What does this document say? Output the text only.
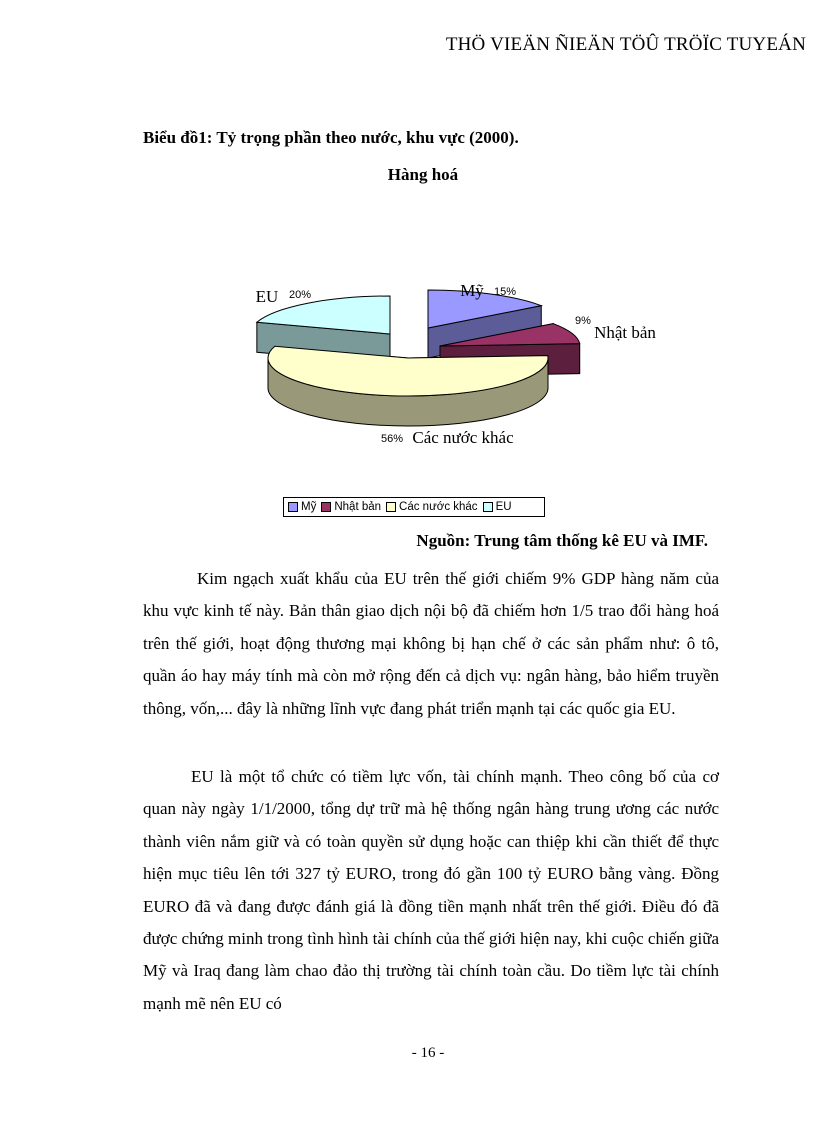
THÖ VIEÄN ÑIEÄN TÖÛ TRÖÏC TUYEÁN
Biểu đồ1: Tỷ trọng phần theo nước, khu vực (2000).
Hàng hoá
15%
Mỹ
9%
Nhật bản
56% Các nước khác
20%
EU
Mỹ Nhật bản Các nước khác EU
Nguồn: Trung tâm thống kê EU và IMF.

Kim ngạch xuất khẩu của EU trên thế giới chiếm 9% GDP hàng năm của khu vực kinh tế này. Bản thân giao dịch nội bộ đã chiếm hơn 1/5 trao đổi hàng hoá trên thế giới, hoạt động thương mại không bị hạn chế ở các sản phẩm như: ô tô, quần áo hay máy tính mà còn mở rộng đến cả dịch vụ: ngân hàng, bảo hiểm truyền thông, vốn,... đây là những lĩnh vực đang phát triển mạnh tại các quốc gia EU.

EU là một tổ chức có tiềm lực vốn, tài chính mạnh. Theo công bố của cơ quan này ngày 1/1/2000, tổng dự trữ mà hệ thống ngân hàng trung ương các nước thành viên nắm giữ và có toàn quyền sử dụng hoặc can thiệp khi cần thiết để thực hiện mục tiêu lên tới 327 tỷ EURO, trong đó gần 100 tỷ EURO bằng vàng. Đồng EURO đã và đang được đánh giá là đồng tiền mạnh nhất trên thế giới. Điều đó đã được chứng minh trong tình hình tài chính của thế giới hiện nay, khi cuộc chiến giữa Mỹ và Iraq đang làm chao đảo thị trường tài chính toàn cầu. Do tiềm lực tài chính mạnh mẽ nên EU có

- 16 -
